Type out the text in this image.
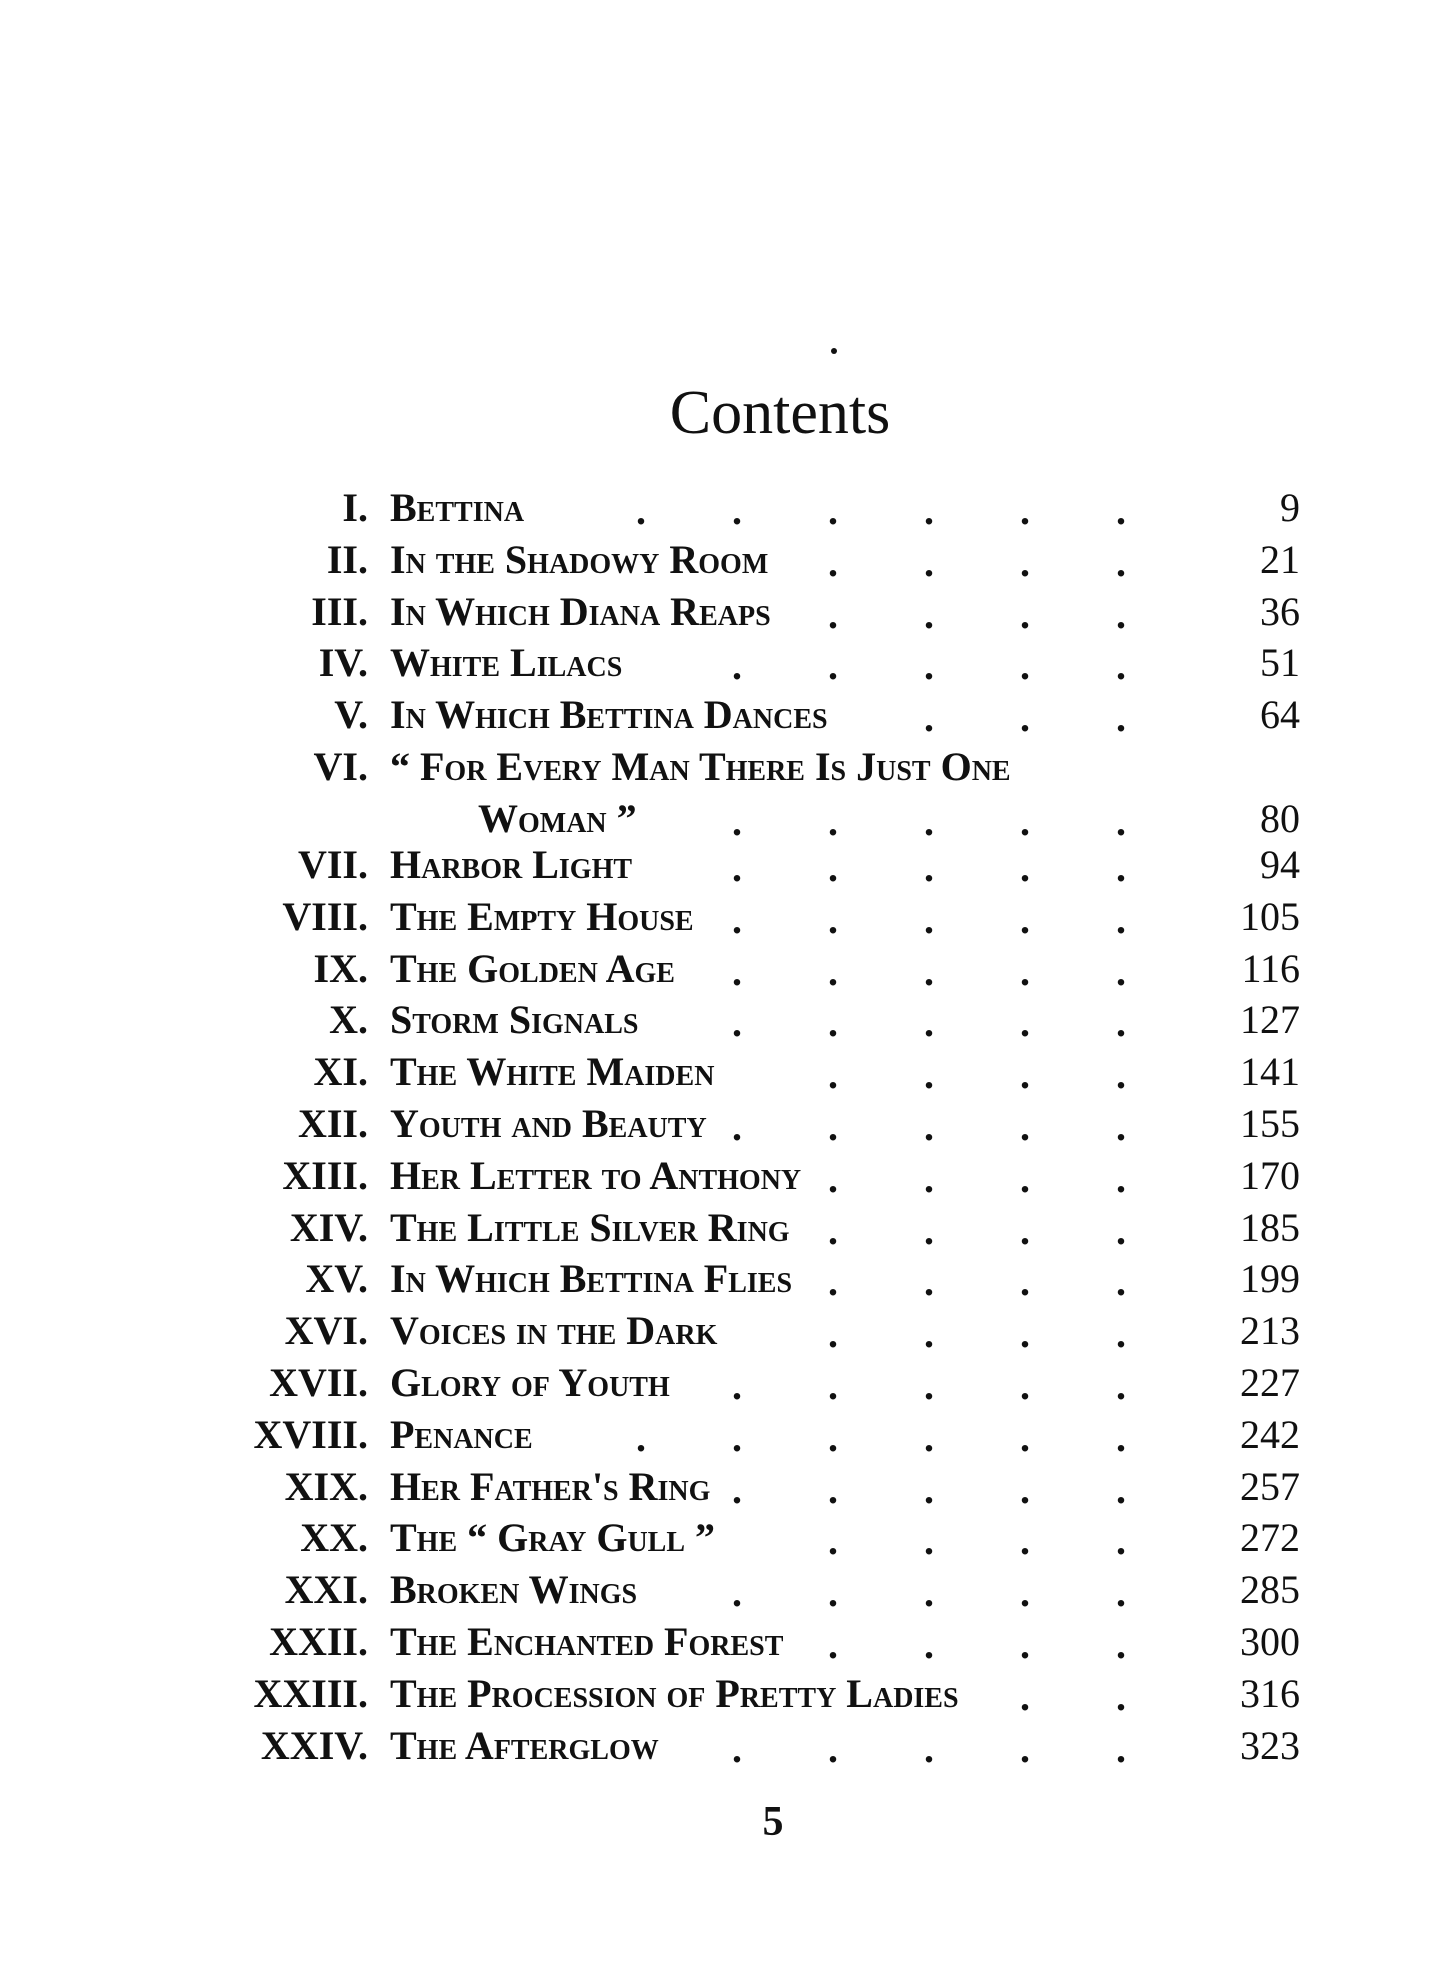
Contents
I. Bettina	9
. . . . . .
II. In the Shadowy Room	21
. . . .
III. In Which Diana Reaps	36
. . . .
IV. White Lilacs	51
. . . . .
V. In Which Bettina Dances	64
. . .
VI. “ For Every Man There Is Just One
Woman ”	80
. . . . .
VII. Harbor Light	94
. . . . .
VIII. The Empty House	105
. . . . .
IX. The Golden Age	116
. . . . .
X. Storm Signals	127
. . . . .
XI. The White Maiden	141
. . . .
XII. Youth and Beauty	155
. . . . .
XIII. Her Letter to Anthony	170
. . . .
XIV. The Little Silver Ring	185
. . . .
XV. In Which Bettina Flies	199
. . . .
XVI. Voices in the Dark	213
. . . .
XVII. Glory of Youth	227
. . . . .
XVIII. Penance	242
. . . . . .
XIX. Her Father's Ring	257
. . . . .
XX. The “ Gray Gull ”	272
. . . .
XXI. Broken Wings	285
. . . . .
XXII. The Enchanted Forest	300
. . . .
XXIII. The Procession of Pretty Ladies	316
. .
XXIV. The Afterglow	323
. . . . .
5
